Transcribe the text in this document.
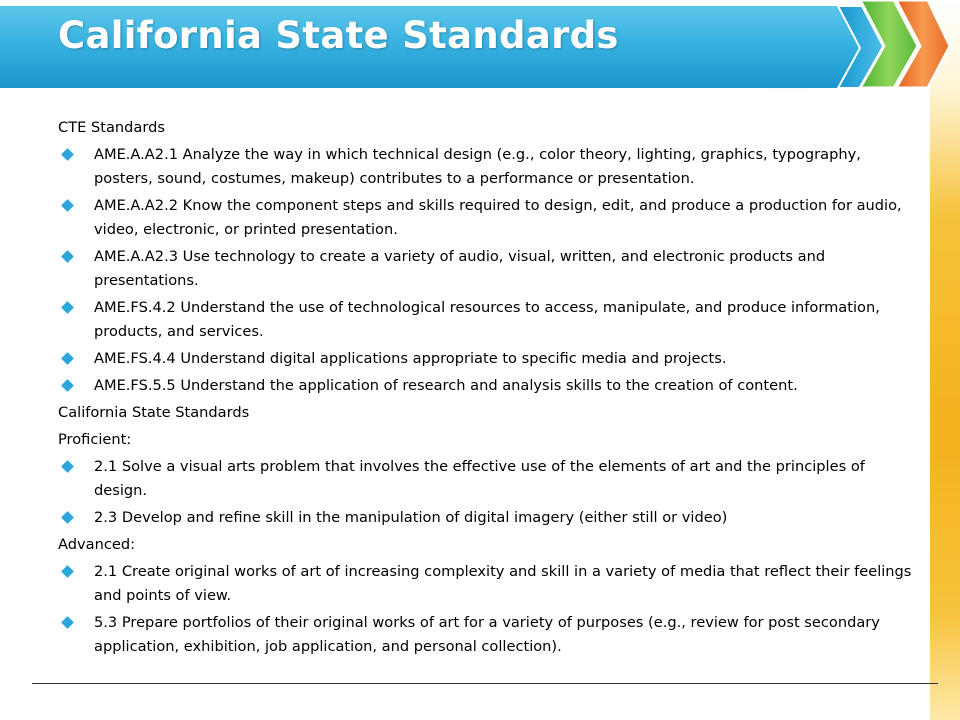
California State Standards
CTE Standards
AME.A.A2.1 Analyze the way in which technical design (e.g., color theory, lighting, graphics, typography, posters, sound, costumes, makeup) contributes to a performance or presentation.
AME.A.A2.2 Know the component steps and skills required to design, edit, and produce a production for audio, video, electronic, or printed presentation.
AME.A.A2.3 Use technology to create a variety of audio, visual, written, and electronic products and presentations.
AME.FS.4.2 Understand the use of technological resources to access, manipulate, and produce information, products, and services.
AME.FS.4.4 Understand digital applications appropriate to specific media and projects.
AME.FS.5.5 Understand the application of research and analysis skills to the creation of content.
California State Standards
Proficient:
2.1 Solve a visual arts problem that involves the effective use of the elements of art and the principles of design.
2.3 Develop and refine skill in the manipulation of digital imagery (either still or video)
Advanced:
2.1 Create original works of art of increasing complexity and skill in a variety of media that reflect their feelings and points of view.
5.3 Prepare portfolios of their original works of art for a variety of purposes (e.g., review for post secondary application, exhibition, job application, and personal collection).
